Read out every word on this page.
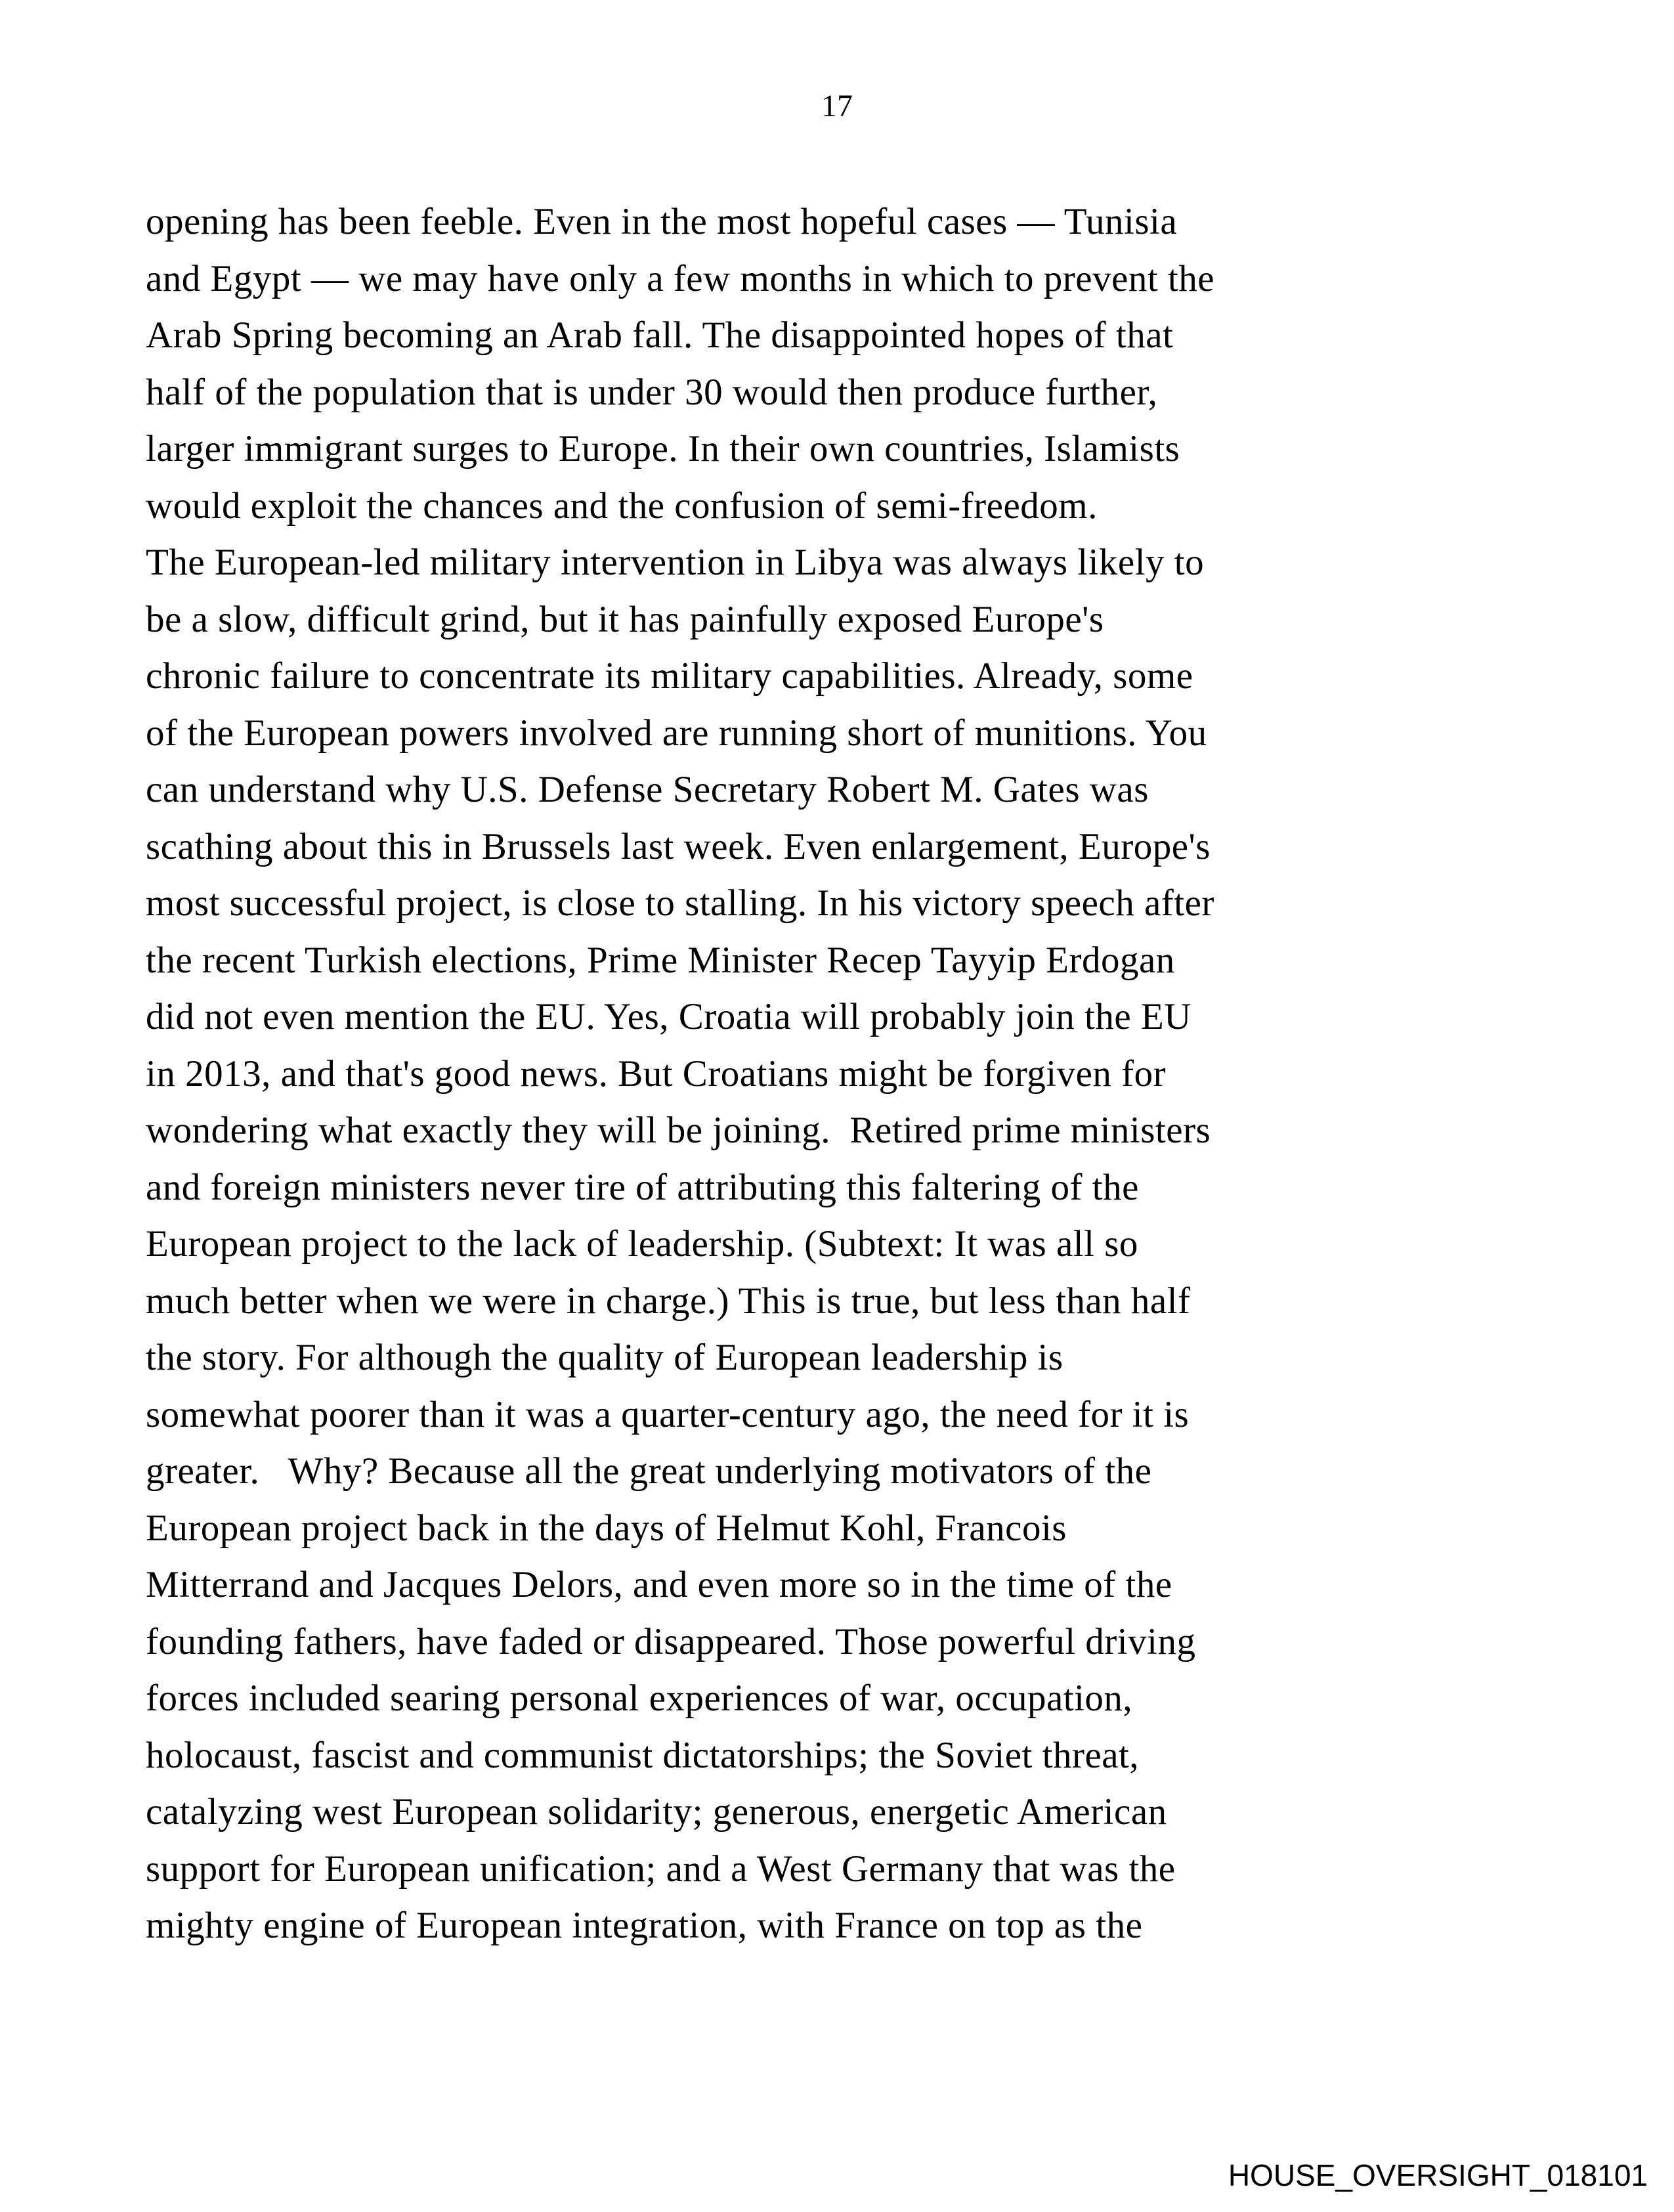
17
opening has been feeble. Even in the most hopeful cases — Tunisia
and Egypt — we may have only a few months in which to prevent the
Arab Spring becoming an Arab fall. The disappointed hopes of that
half of the population that is under 30 would then produce further,
larger immigrant surges to Europe. In their own countries, Islamists
would exploit the chances and the confusion of semi-freedom.
The European-led military intervention in Libya was always likely to
be a slow, difficult grind, but it has painfully exposed Europe's
chronic failure to concentrate its military capabilities. Already, some
of the European powers involved are running short of munitions. You
can understand why U.S. Defense Secretary Robert M. Gates was
scathing about this in Brussels last week. Even enlargement, Europe's
most successful project, is close to stalling. In his victory speech after
the recent Turkish elections, Prime Minister Recep Tayyip Erdogan
did not even mention the EU. Yes, Croatia will probably join the EU
in 2013, and that's good news. But Croatians might be forgiven for
wondering what exactly they will be joining.  Retired prime ministers
and foreign ministers never tire of attributing this faltering of the
European project to the lack of leadership. (Subtext: It was all so
much better when we were in charge.) This is true, but less than half
the story. For although the quality of European leadership is
somewhat poorer than it was a quarter-century ago, the need for it is
greater.   Why? Because all the great underlying motivators of the
European project back in the days of Helmut Kohl, Francois
Mitterrand and Jacques Delors, and even more so in the time of the
founding fathers, have faded or disappeared. Those powerful driving
forces included searing personal experiences of war, occupation,
holocaust, fascist and communist dictatorships; the Soviet threat,
catalyzing west European solidarity; generous, energetic American
support for European unification; and a West Germany that was the
mighty engine of European integration, with France on top as the
HOUSE_OVERSIGHT_018101
